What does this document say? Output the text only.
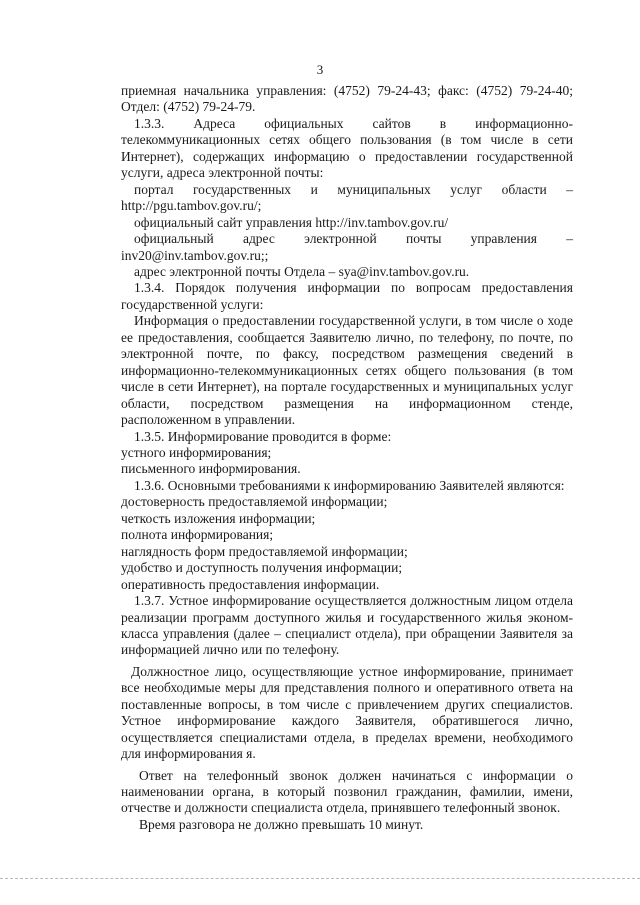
3

приемная начальника управления: (4752) 79-24-43; факс: (4752) 79-24-40; Отдел: (4752) 79-24-79.

1.3.3. Адреса официальных сайтов в информационно-телекоммуникационных сетях общего пользования (в том числе в сети Интернет), содержащих информацию о предоставлении государственной услуги, адреса электронной почты:

портал государственных и муниципальных услуг области – http://pgu.tambov.gov.ru/;

официальный сайт управления http://inv.tambov.gov.ru/

официальный адрес электронной почты управления – inv20@inv.tambov.gov.ru;;

адрес электронной почты Отдела – sya@inv.tambov.gov.ru.

1.3.4. Порядок получения информации по вопросам предоставления государственной услуги:

Информация о предоставлении государственной услуги, в том числе о ходе ее предоставления, сообщается Заявителю лично, по телефону, по почте, по электронной почте, по факсу, посредством размещения сведений в информационно-телекоммуникационных сетях общего пользования (в том числе в сети Интернет), на портале государственных и муниципальных услуг области, посредством размещения на информационном стенде, расположенном в управлении.

1.3.5. Информирование проводится в форме:

устного информирования;

письменного информирования.

1.3.6. Основными требованиями к информированию Заявителей являются:

достоверность предоставляемой информации;

четкость изложения информации;

полнота информирования;

наглядность форм предоставляемой информации;

удобство и доступность получения информации;

оперативность предоставления информации.

1.3.7. Устное информирование осуществляется должностным лицом отдела реализации программ доступного жилья и государственного жилья эконом-класса управления (далее – специалист отдела), при обращении Заявителя за информацией лично или по телефону.

Должностное лицо, осуществляющие устное информирование, принимает все необходимые меры для представления полного и оперативного ответа на поставленные вопросы, в том числе с привлечением других специалистов. Устное информирование каждого Заявителя, обратившегося лично, осуществляется специалистами отдела, в пределах времени, необходимого для информирования я.

Ответ на телефонный звонок должен начинаться с информации о наименовании органа, в который позвонил гражданин, фамилии, имени, отчестве и должности специалиста отдела, принявшего телефонный звонок.

Время разговора не должно превышать 10 минут.
